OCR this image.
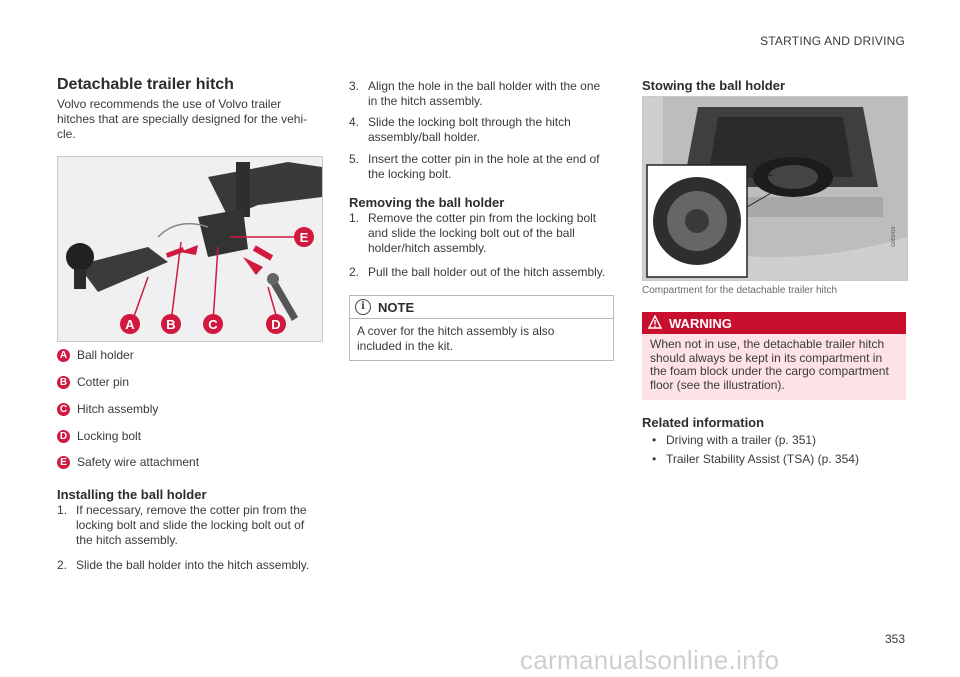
STARTING AND DRIVING
353
carmanualsonline.info
Detachable trailer hitch
Volvo recommends the use of Volvo trailer
hitches that are specially designed for the vehi-
cle.
A	B	C	D
E
A Ball holder
B Cotter pin
C Hitch assembly
D Locking bolt
E Safety wire attachment
Installing the ball holder
1. If necessary, remove the cotter pin from the
locking bolt and slide the locking bolt out of
the hitch assembly.
2. Slide the ball holder into the hitch assembly.
3. Align the hole in the ball holder with the one
in the hitch assembly.
4. Slide the locking bolt through the hitch
assembly/ball holder.
5. Insert the cotter pin in the hole at the end of
the locking bolt.
Removing the ball holder
1. Remove the cotter pin from the locking bolt
and slide the locking bolt out of the ball
holder/hitch assembly.
2. Pull the ball holder out of the hitch assembly.
i	NOTE
A cover for the hitch assembly is also
included in the kit.
Stowing the ball holder
G055419
Compartment for the detachable trailer hitch
WARNING
When not in use, the detachable trailer hitch
should always be kept in its compartment in
the foam block under the cargo compartment
floor (see the illustration).
Related information
• Driving with a trailer (p. 351)
• Trailer Stability Assist (TSA) (p. 354)
